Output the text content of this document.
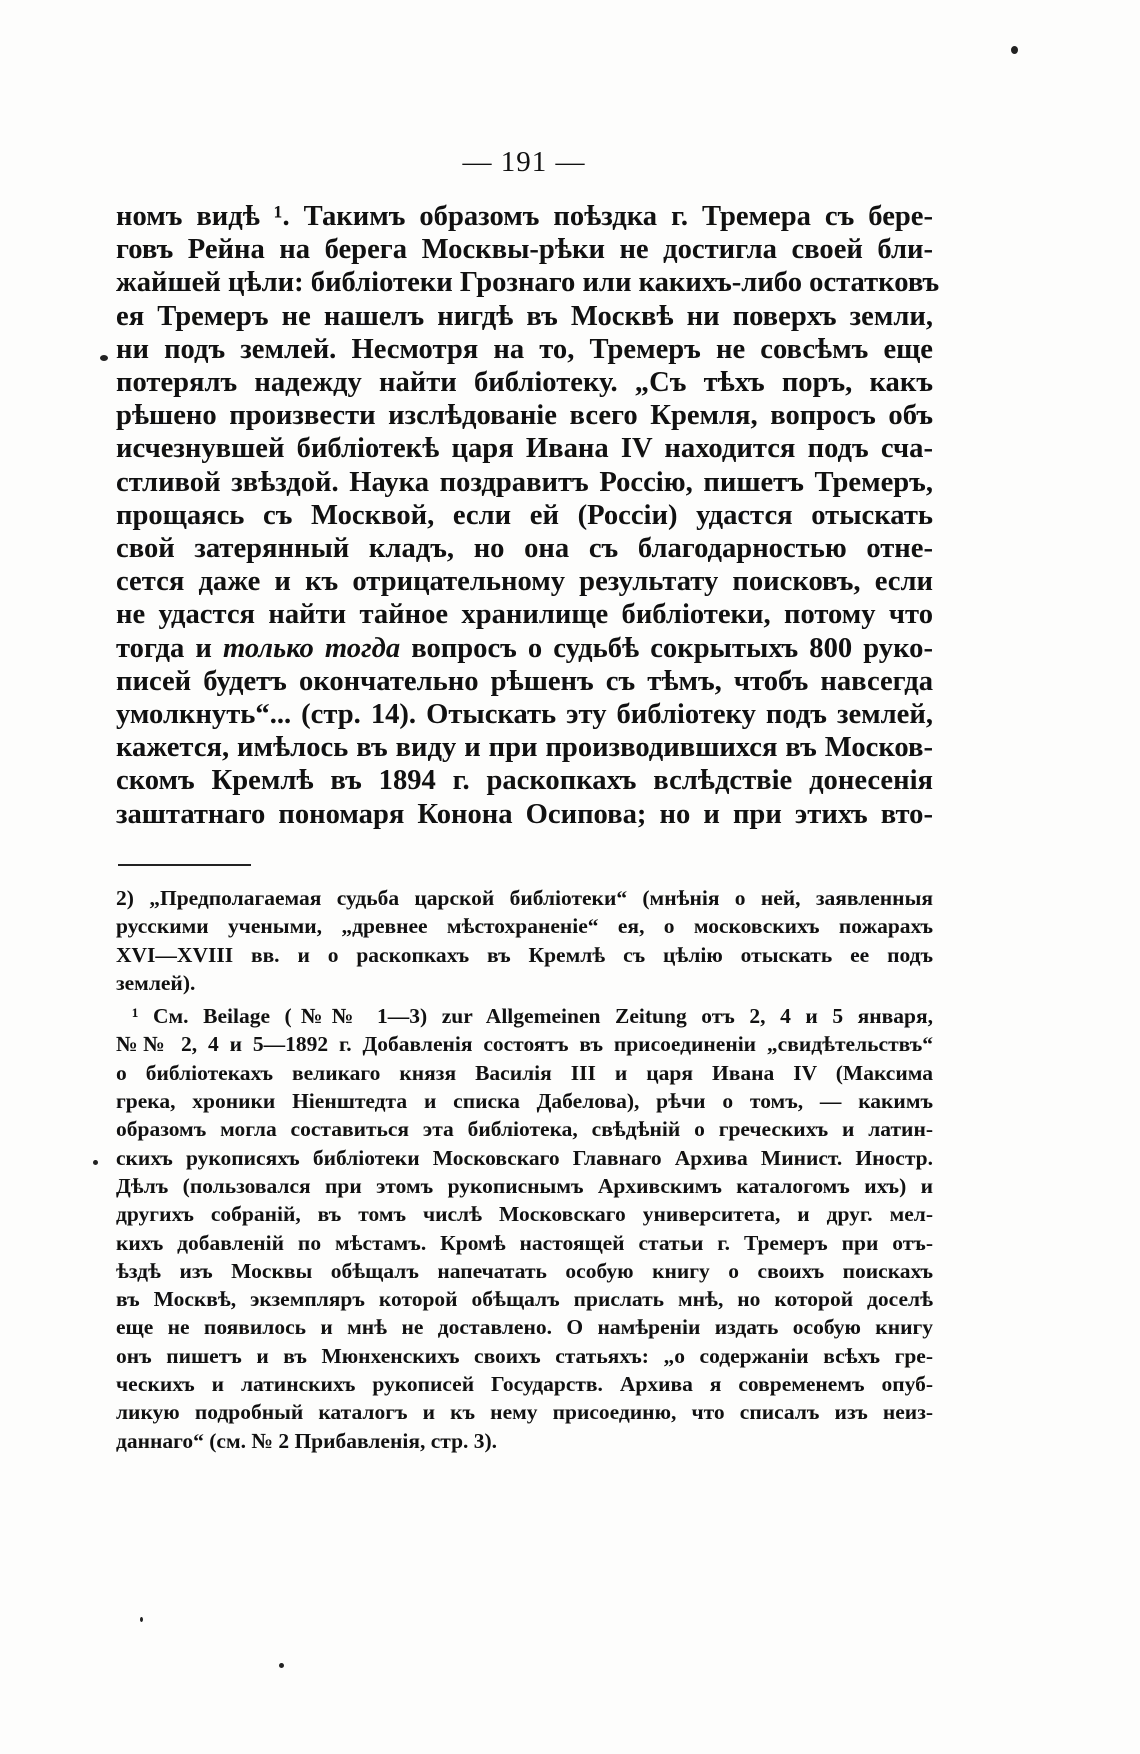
— 191 —
номъ видѣ ¹. Такимъ образомъ поѣздка г. Тремера съ бере-
говъ Рейна на берега Москвы-рѣки не достигла своей бли-
жайшей цѣли: библіотеки Грознаго или какихъ-либо остатковъ
ея Тремеръ не нашелъ нигдѣ въ Москвѣ ни поверхъ земли,
ни подъ землей. Несмотря на то, Тремеръ не совсѣмъ еще
потерялъ надежду найти библіотеку. „Съ тѣхъ поръ, какъ
рѣшено произвести изслѣдованіе всего Кремля, вопросъ объ
исчезнувшей библіотекѣ царя Ивана IV находится подъ сча-
стливой звѣздой. Наука поздравитъ Россію, пишетъ Тремеръ,
прощаясь съ Москвой, если ей (Россіи) удастся отыскать
свой затерянный кладъ, но она съ благодарностью отне-
сется даже и къ отрицательному результату поисковъ, если
не удастся найти тайное хранилище библіотеки, потому что
тогда и только тогда вопросъ о судьбѣ сокрытыхъ 800 руко-
писей будетъ окончательно рѣшенъ съ тѣмъ, чтобъ навсегда
умолкнуть“... (стр. 14). Отыскать эту библіотеку подъ землей,
кажется, имѣлось въ виду и при производившихся въ Москов-
скомъ Кремлѣ въ 1894 г. раскопкахъ вслѣдствіе донесенія
заштатнаго пономаря Конона Осипова; но и при этихъ вто-
2) „Предполагаемая судьба царской библіотеки“ (мнѣнія о ней, заявленныя
русскими учеными, „древнее мѣстохраненіе“ ея, о московскихъ пожарахъ
XVI—XVIII вв. и о раскопкахъ въ Кремлѣ съ цѣлію отыскать ее подъ
землей).
¹ См. Beilage (№№ 1—3) zur Allgemeinen Zeitung отъ 2, 4 и 5 января,
№№ 2, 4 и 5—1892 г. Добавленія состоятъ въ присоединеніи „свидѣтельствъ“
о библіотекахъ великаго князя Василія III и царя Ивана IV (Максима
грека, хроники Ніенштедта и списка Дабелова), рѣчи о томъ, — какимъ
образомъ могла составиться эта библіотека, свѣдѣній о греческихъ и латин-
скихъ рукописяхъ библіотеки Московскаго Главнаго Архива Минист. Иностр.
Дѣлъ (пользовался при этомъ рукописнымъ Архивскимъ каталогомъ ихъ) и
другихъ собраній, въ томъ числѣ Московскаго университета, и друг. мел-
кихъ добавленій по мѣстамъ. Кромѣ настоящей статьи г. Тремеръ при отъ-
ѣздѣ изъ Москвы обѣщалъ напечатать особую книгу о своихъ поискахъ
въ Москвѣ, экземпляръ которой обѣщалъ прислать мнѣ, но которой доселѣ
еще не появилось и мнѣ не доставлено. О намѣреніи издать особую книгу
онъ пишетъ и въ Мюнхенскихъ своихъ статьяхъ: „о содержаніи всѣхъ гре-
ческихъ и латинскихъ рукописей Государств. Архива я современемъ опуб-
ликую подробный каталогъ и къ нему присоединю, что списалъ изъ неиз-
даннаго“ (см. № 2 Прибавленія, стр. 3).
